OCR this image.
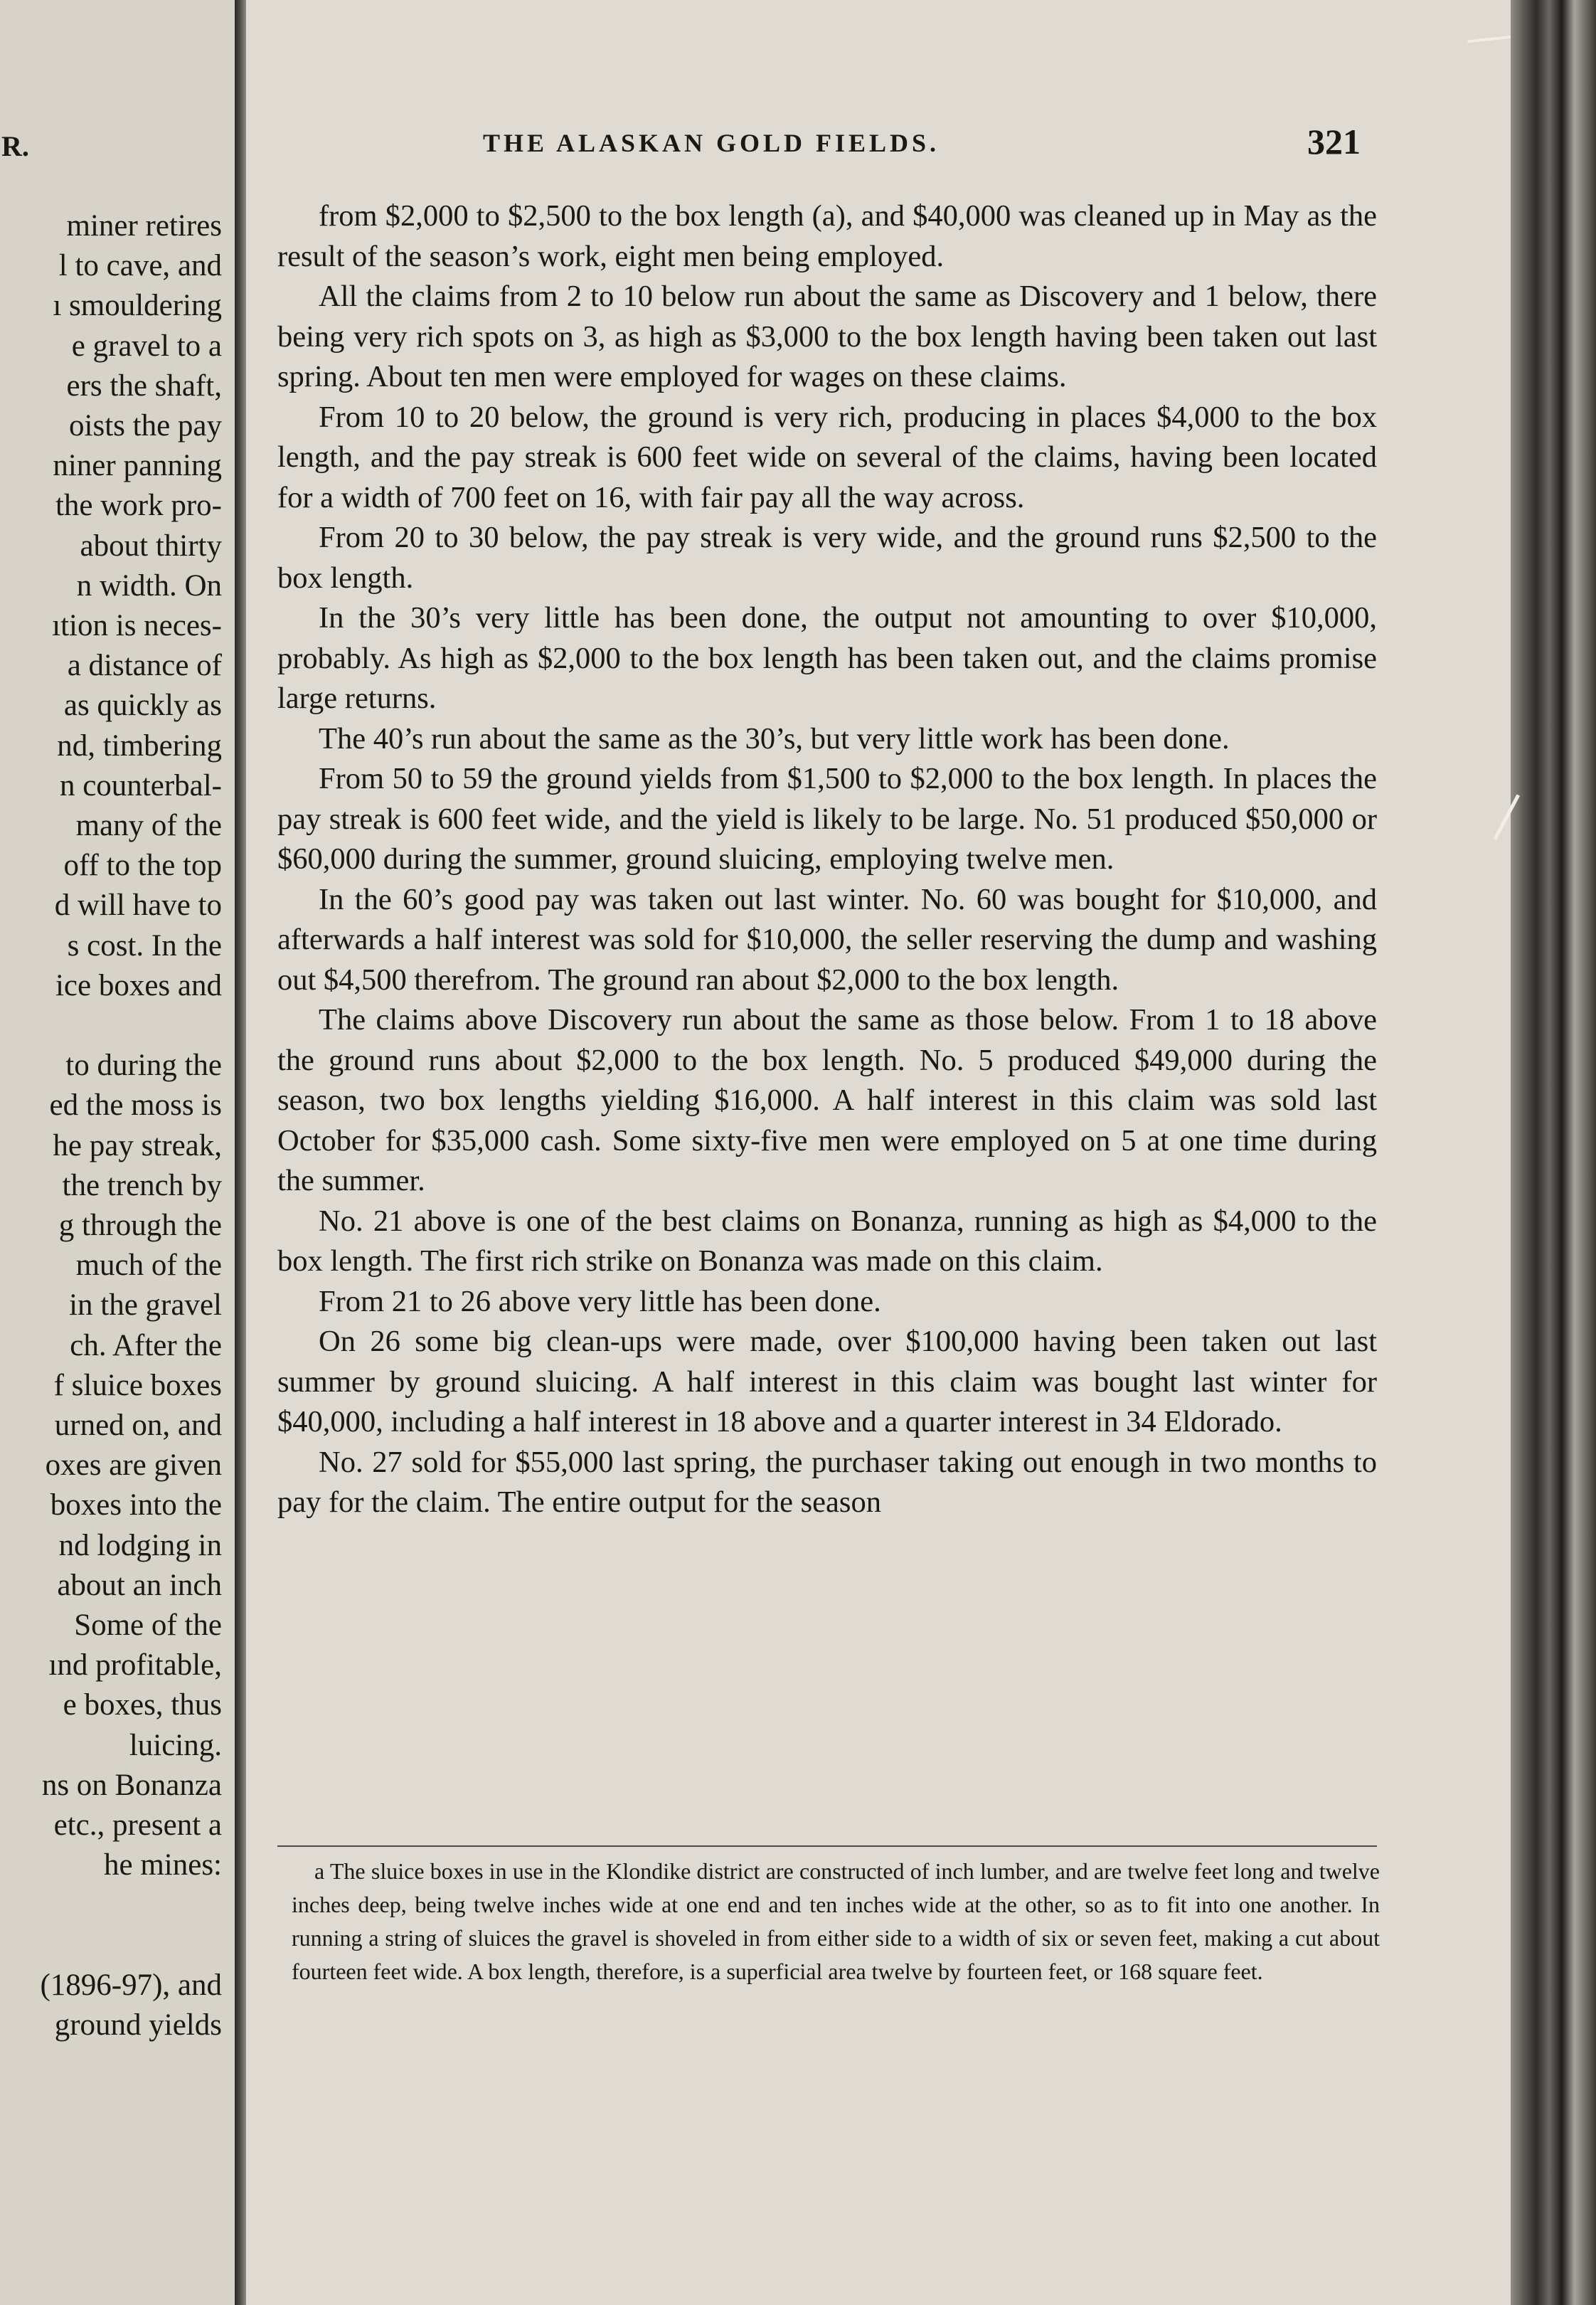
R.
miner retires
l to cave, and
ı smouldering
e gravel to a
ers the shaft,
oists the pay
niner panning
the work pro-
about thirty
n width. On
ıtion is neces-
a distance of
as quickly as
nd, timbering
n counterbal-
many of the
off to the top
d will have to
s cost. In the
ice boxes and
to during the
ed the moss is
he pay streak,
the trench by
g through the
much of the
in the gravel
ch. After the
f sluice boxes
urned on, and
oxes are given
boxes into the
nd lodging in
about an inch
Some of the
ınd profitable,
e boxes, thus
luicing.
ns on Bonanza
etc., present a
he mines:
(1896-97), and
ground yields
THE ALASKAN GOLD FIELDS.	321

from $2,000 to $2,500 to the box length (a), and $40,000 was cleaned up in May as the result of the season’s work, eight men being employed.

All the claims from 2 to 10 below run about the same as Discovery and 1 below, there being very rich spots on 3, as high as $3,000 to the box length having been taken out last spring. About ten men were employed for wages on these claims.

From 10 to 20 below, the ground is very rich, producing in places $4,000 to the box length, and the pay streak is 600 feet wide on several of the claims, having been located for a width of 700 feet on 16, with fair pay all the way across.

From 20 to 30 below, the pay streak is very wide, and the ground runs $2,500 to the box length.

In the 30’s very little has been done, the output not amounting to over $10,000, probably. As high as $2,000 to the box length has been taken out, and the claims promise large returns.

The 40’s run about the same as the 30’s, but very little work has been done.

From 50 to 59 the ground yields from $1,500 to $2,000 to the box length. In places the pay streak is 600 feet wide, and the yield is likely to be large. No. 51 produced $50,000 or $60,000 during the summer, ground sluicing, employing twelve men.

In the 60’s good pay was taken out last winter. No. 60 was bought for $10,000, and afterwards a half interest was sold for $10,000, the seller reserving the dump and washing out $4,500 therefrom. The ground ran about $2,000 to the box length.

The claims above Discovery run about the same as those below. From 1 to 18 above the ground runs about $2,000 to the box length. No. 5 produced $49,000 during the season, two box lengths yielding $16,000. A half interest in this claim was sold last October for $35,000 cash. Some sixty-five men were employed on 5 at one time during the summer.

No. 21 above is one of the best claims on Bonanza, running as high as $4,000 to the box length. The first rich strike on Bonanza was made on this claim.

From 21 to 26 above very little has been done.

On 26 some big clean-ups were made, over $100,000 having been taken out last summer by ground sluicing. A half interest in this claim was bought last winter for $40,000, including a half interest in 18 above and a quarter interest in 34 Eldorado.

No. 27 sold for $55,000 last spring, the purchaser taking out enough in two months to pay for the claim. The entire output for the season

a The sluice boxes in use in the Klondike district are constructed of inch lumber, and are twelve feet long and twelve inches deep, being twelve inches wide at one end and ten inches wide at the other, so as to fit into one another. In running a string of sluices the gravel is shoveled in from either side to a width of six or seven feet, making a cut about fourteen feet wide. A box length, therefore, is a superficial area twelve by fourteen feet, or 168 square feet.
